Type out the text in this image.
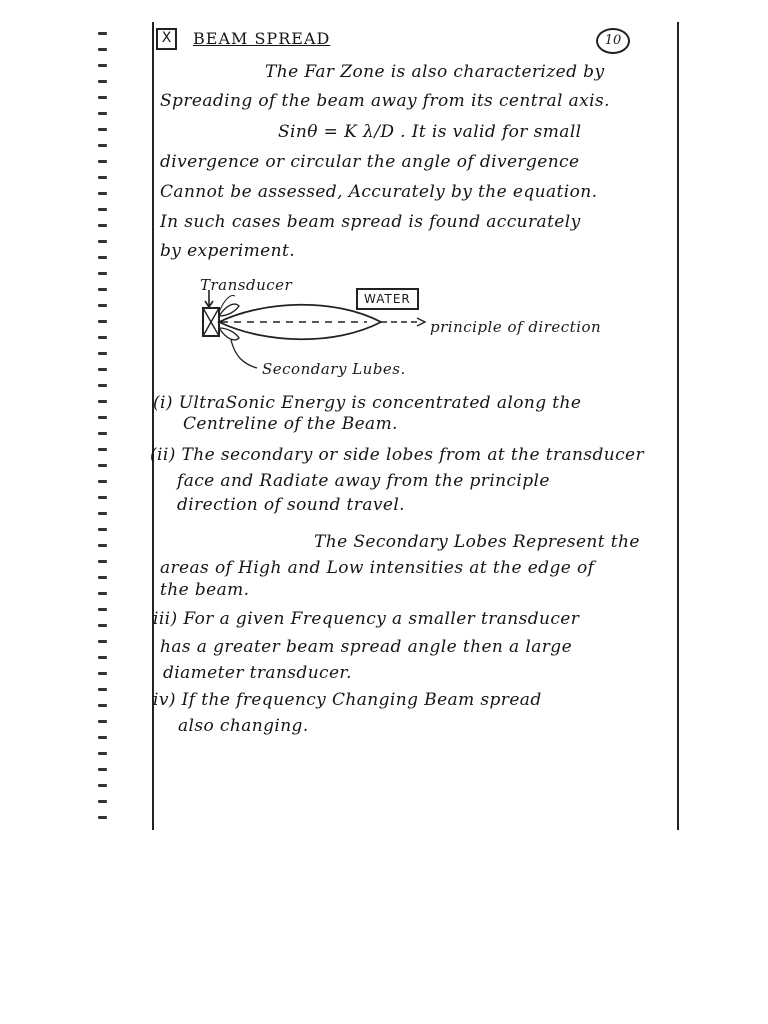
X	BEAM SPREAD	10
The Far Zone is also characterized by
Spreading of the beam away from its central axis.
Sinθ = K λ/D . It is valid for small
divergence or circular the angle of divergence
Cannot be assessed, Accurately by the equation.
In such cases beam spread is found accurately
by experiment.
Transducer
WATER
principle of direction
Secondary Lubes.
(i) UltraSonic Energy is concentrated along the
Centreline of the Beam.
(ii) The secondary or side lobes from at the transducer
face and Radiate away from the principle
direction of sound travel.
The Secondary Lobes Represent the
areas of High and Low intensities at the edge of
the beam.
iii) For a given Frequency a smaller transducer
has a greater beam spread angle then a large
diameter transducer.
iv) If the frequency Changing Beam spread
also changing.
